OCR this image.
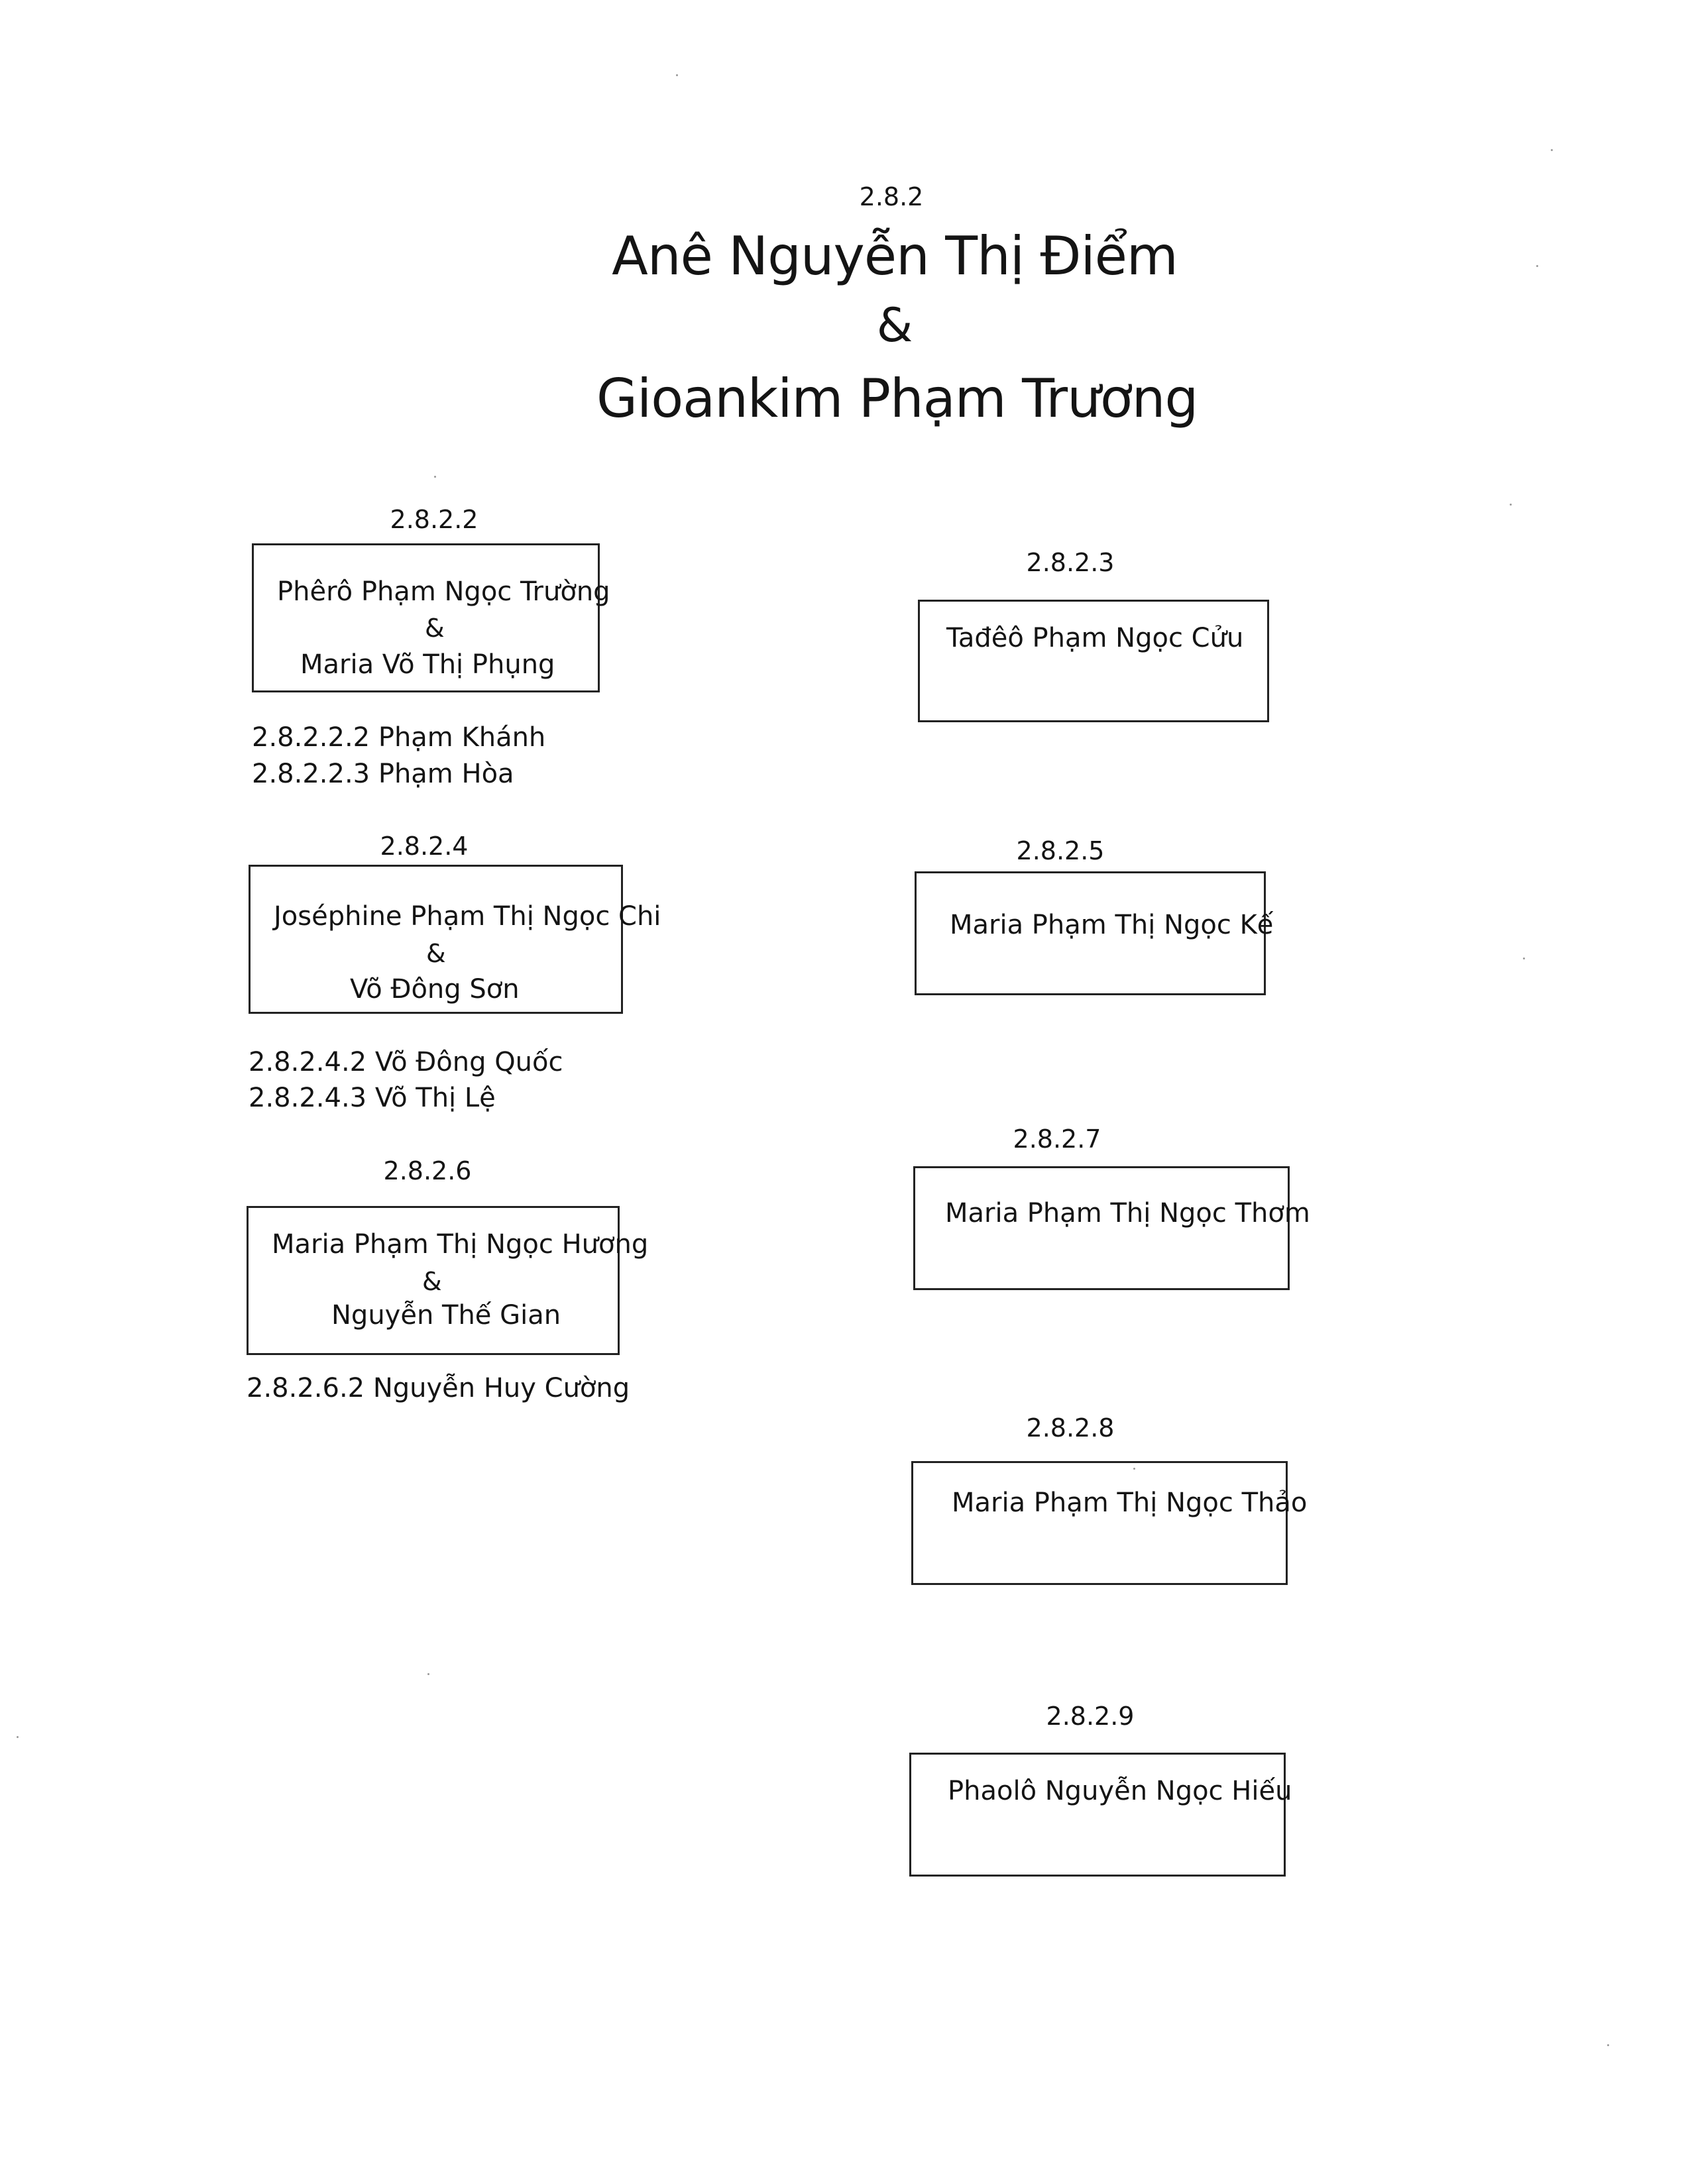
2.8.2
Anê Nguyễn Thị Điểm
&
Gioankim Phạm Trương
2.8.2.2
Phêrô Phạm Ngọc Trường
&
Maria Võ Thị Phụng
2.8.2.2.2 Phạm Khánh
2.8.2.2.3 Phạm Hòa
2.8.2.3
Tađêô Phạm Ngọc Cửu
2.8.2.4
Joséphine Phạm Thị Ngọc Chi
&
Võ Đông Sơn
2.8.2.4.2 Võ Đông Quốc
2.8.2.4.3 Võ Thị Lệ
2.8.2.5
Maria Phạm Thị Ngọc Kế
2.8.2.6
Maria Phạm Thị Ngọc Hương
&
Nguyễn Thế Gian
2.8.2.6.2 Nguyễn Huy Cường
2.8.2.7
Maria Phạm Thị Ngọc Thơm
2.8.2.8
Maria Phạm Thị Ngọc Thảo
2.8.2.9
Phaolô Nguyễn Ngọc Hiếu
